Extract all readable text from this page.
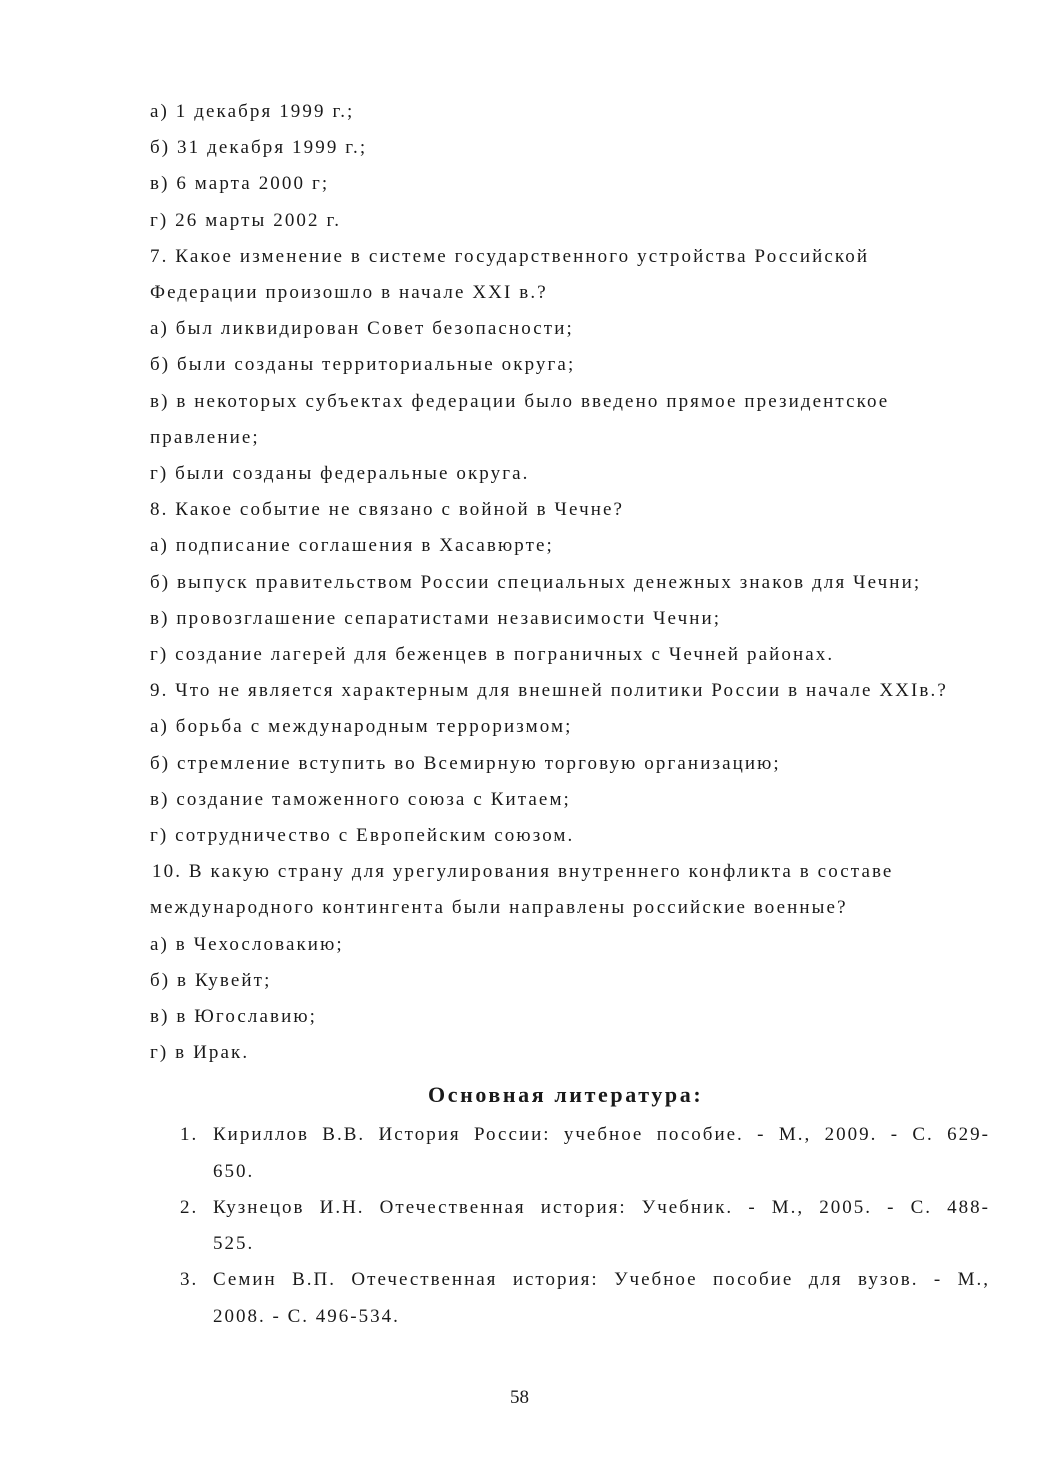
а) 1 декабря 1999 г.;

б) 31 декабря 1999 г.;

в) 6 марта 2000 г;

г) 26 марты 2002 г.

7. Какое изменение в системе государственного устройства Российской

Федерации произошло в начале XXI в.?

а) был ликвидирован Совет безопасности;

б) были созданы территориальные округа;

в) в некоторых субъектах федерации было введено прямое президентское

правление;

г) были созданы федеральные округа.

8. Какое событие не связано с войной в Чечне?

а) подписание соглашения в Хасавюрте;

б) выпуск правительством России специальных денежных знаков для Чечни;

в) провозглашение сепаратистами независимости Чечни;

г) создание лагерей для беженцев в пограничных с Чечней районах.

9. Что не является характерным для внешней политики России в начале XXIв.?

а) борьба с международным терроризмом;

б) стремление вступить во Всемирную торговую организацию;

в) создание таможенного союза с Китаем;

г) сотрудничество с Европейским союзом.

10. В какую страну для урегулирования внутреннего конфликта в составе

международного контингента были направлены российские военные?

а) в Чехословакию;

б) в Кувейт;

в) в Югославию;

г) в Ирак.

Основная литература:
1. Кириллов В.В. История России: учебное пособие. - М., 2009. - С. 629-
650.
2. Кузнецов И.Н. Отечественная история: Учебник. - М., 2005. - С. 488-
525.
3. Семин В.П. Отечественная история: Учебное пособие для вузов. - М.,
2008. - С. 496-534.
58
